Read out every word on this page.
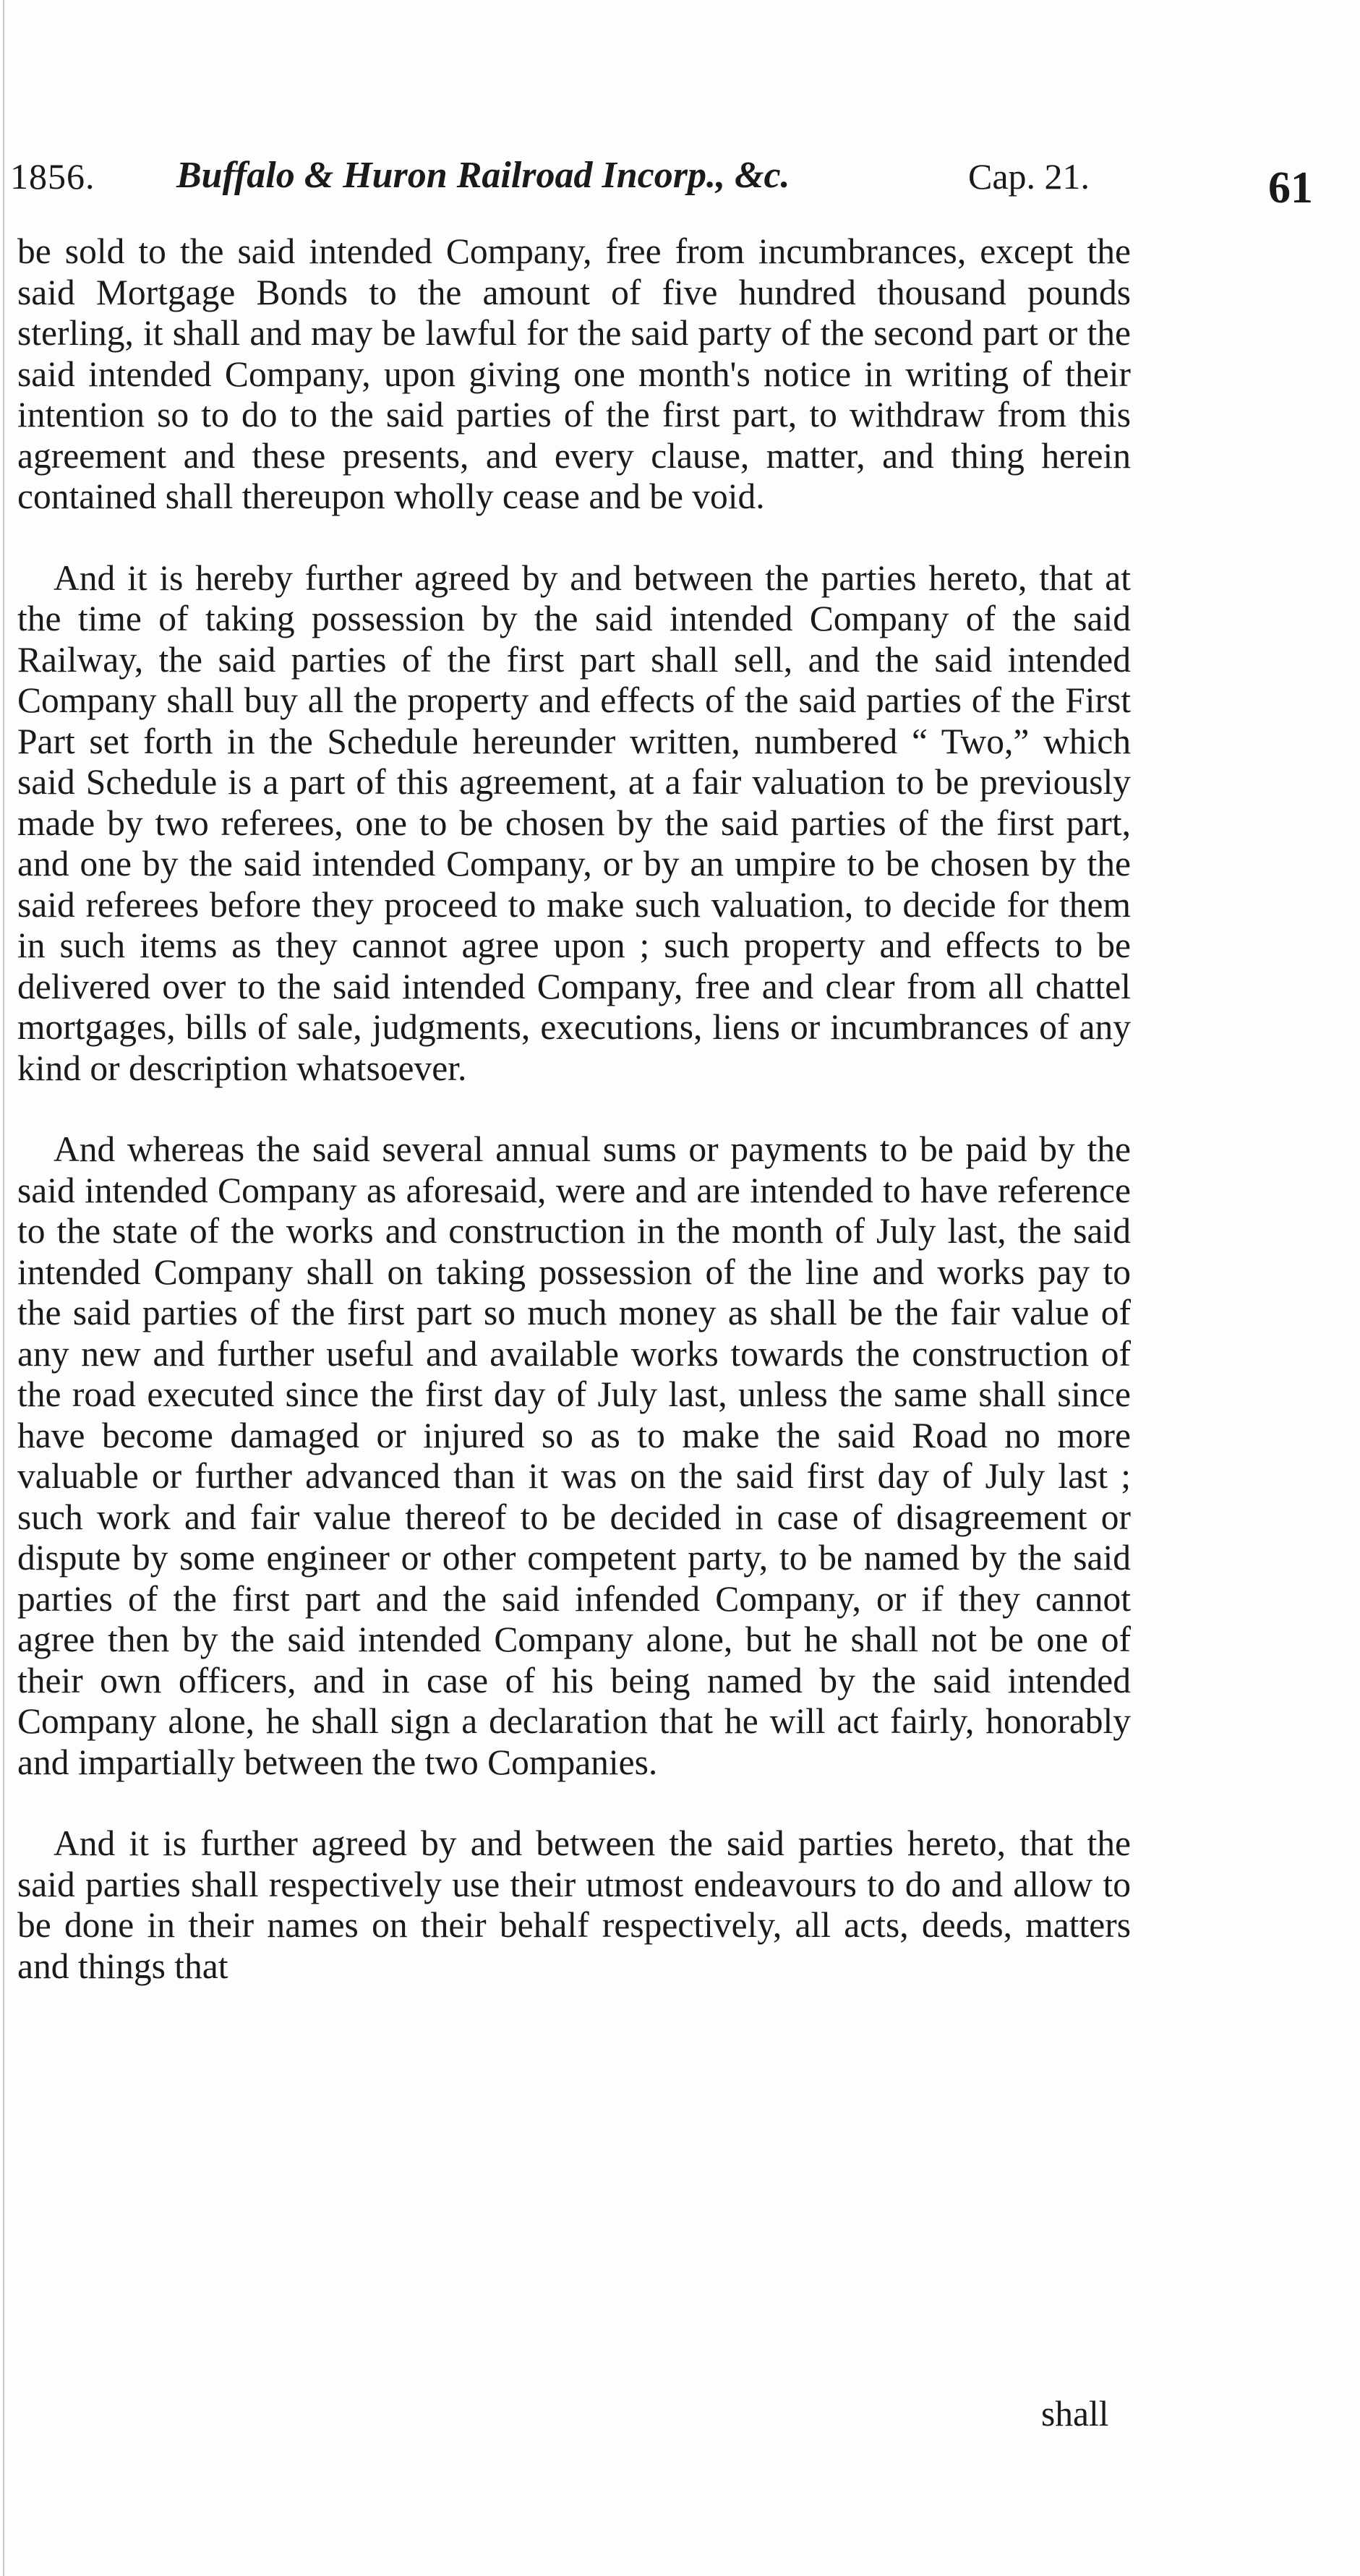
1856. Buffalo & Huron Railroad Incorp., &c.	Cap. 21.	61

be sold to the said intended Company, free from incumbrances, except the said Mortgage Bonds to the amount of five hundred thousand pounds sterling, it shall and may be lawful for the said party of the second part or the said intended Company, upon giving one month's notice in writing of their intention so to do to the said parties of the first part, to withdraw from this agreement and these presents, and every clause, matter, and thing herein contained shall thereupon wholly cease and be void.

And it is hereby further agreed by and between the parties hereto, that at the time of taking possession by the said intended Company of the said Railway, the said parties of the first part shall sell, and the said intended Company shall buy all the property and effects of the said parties of the First Part set forth in the Schedule hereunder written, numbered “ Two,” which said Schedule is a part of this agreement, at a fair valuation to be previously made by two referees, one to be chosen by the said parties of the first part, and one by the said intended Company, or by an umpire to be chosen by the said referees before they proceed to make such valuation, to decide for them in such items as they cannot agree upon ; such property and effects to be delivered over to the said intended Company, free and clear from all chattel mortgages, bills of sale, judgments, executions, liens or incumbrances of any kind or description whatsoever.

And whereas the said several annual sums or payments to be paid by the said intended Company as aforesaid, were and are intended to have reference to the state of the works and construction in the month of July last, the said intended Company shall on taking possession of the line and works pay to the said parties of the first part so much money as shall be the fair value of any new and further useful and available works towards the construction of the road executed since the first day of July last, unless the same shall since have become damaged or injured so as to make the said Road no more valuable or further advanced than it was on the said first day of July last ; such work and fair value thereof to be decided in case of disagreement or dispute by some engineer or other competent party, to be named by the said parties of the first part and the said infended Company, or if they cannot agree then by the said intended Company alone, but he shall not be one of their own officers, and in case of his being named by the said intended Company alone, he shall sign a declaration that he will act fairly, honorably and impartially between the two Companies.

And it is further agreed by and between the said parties hereto, that the said parties shall respectively use their utmost endeavours to do and allow to be done in their names on their behalf respectively, all acts, deeds, matters and things that

shall
